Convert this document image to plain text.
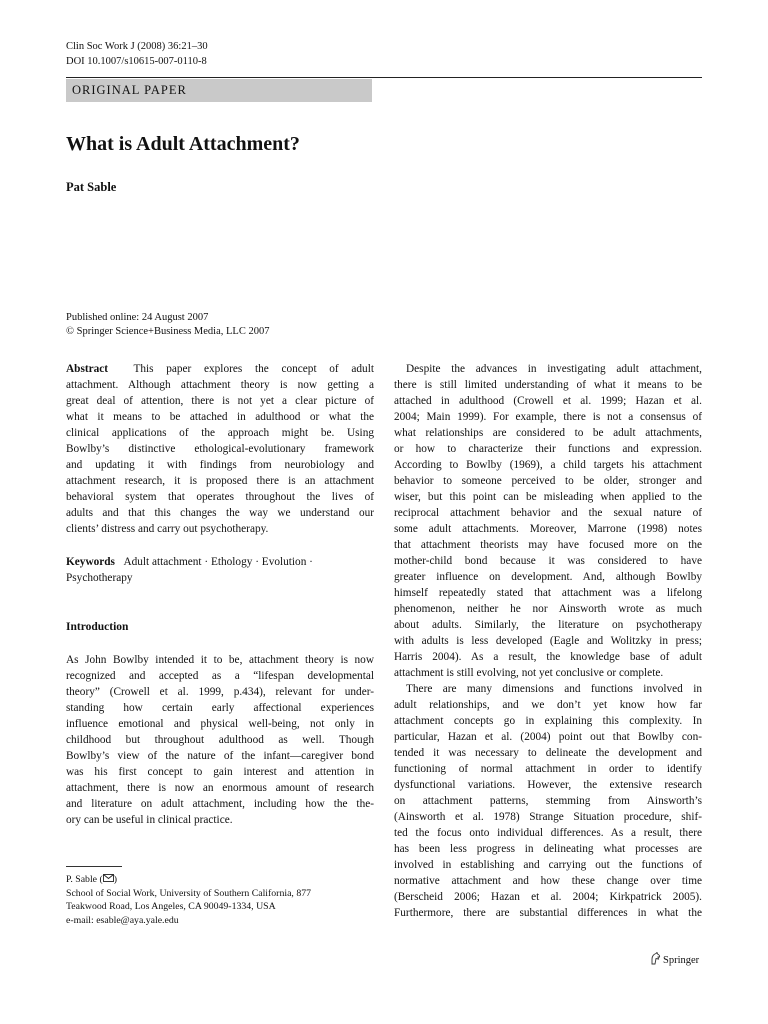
Clin Soc Work J (2008) 36:21–30
DOI 10.1007/s10615-007-0110-8
ORIGINAL PAPER
What is Adult Attachment?
Pat Sable
Published online: 24 August 2007
© Springer Science+Business Media, LLC 2007
Abstract This paper explores the concept of adult
attachment. Although attachment theory is now getting a
great deal of attention, there is not yet a clear picture of
what it means to be attached in adulthood or what the
clinical applications of the approach might be. Using
Bowlby’s distinctive ethological-evolutionary framework
and updating it with findings from neurobiology and
attachment research, it is proposed there is an attachment
behavioral system that operates throughout the lives of
adults and that this changes the way we understand our
clients’ distress and carry out psychotherapy.
Keywords Adult attachment · Ethology · Evolution ·
Psychotherapy
Introduction
As John Bowlby intended it to be, attachment theory is now
recognized and accepted as a “lifespan developmental
theory” (Crowell et al. 1999, p.434), relevant for under-
standing how certain early affectional experiences
influence emotional and physical well-being, not only in
childhood but throughout adulthood as well. Though
Bowlby’s view of the nature of the infant—caregiver bond
was his first concept to gain interest and attention in
attachment, there is now an enormous amount of research
and literature on adult attachment, including how the the-
ory can be useful in clinical practice.
P. Sable ( )
School of Social Work, University of Southern California, 877
Teakwood Road, Los Angeles, CA 90049-1334, USA
e-mail: esable@aya.yale.edu
Despite the advances in investigating adult attachment,
there is still limited understanding of what it means to be
attached in adulthood (Crowell et al. 1999; Hazan et al.
2004; Main 1999). For example, there is not a consensus of
what relationships are considered to be adult attachments,
or how to characterize their functions and expression.
According to Bowlby (1969), a child targets his attachment
behavior to someone perceived to be older, stronger and
wiser, but this point can be misleading when applied to the
reciprocal attachment behavior and the sexual nature of
some adult attachments. Moreover, Marrone (1998) notes
that attachment theorists may have focused more on the
mother-child bond because it was considered to have
greater influence on development. And, although Bowlby
himself repeatedly stated that attachment was a lifelong
phenomenon, neither he nor Ainsworth wrote as much
about adults. Similarly, the literature on psychotherapy
with adults is less developed (Eagle and Wolitzky in press;
Harris 2004). As a result, the knowledge base of adult
attachment is still evolving, not yet conclusive or complete.
There are many dimensions and functions involved in
adult relationships, and we don’t yet know how far
attachment concepts go in explaining this complexity. In
particular, Hazan et al. (2004) point out that Bowlby con-
tended it was necessary to delineate the development and
functioning of normal attachment in order to identify
dysfunctional variations. However, the extensive research
on attachment patterns, stemming from Ainsworth’s
(Ainsworth et al. 1978) Strange Situation procedure, shif-
ted the focus onto individual differences. As a result, there
has been less progress in delineating what processes are
involved in establishing and carrying out the functions of
normative attachment and how these change over time
(Berscheid 2006; Hazan et al. 2004; Kirkpatrick 2005).
Furthermore, there are substantial differences in what the
Springer
